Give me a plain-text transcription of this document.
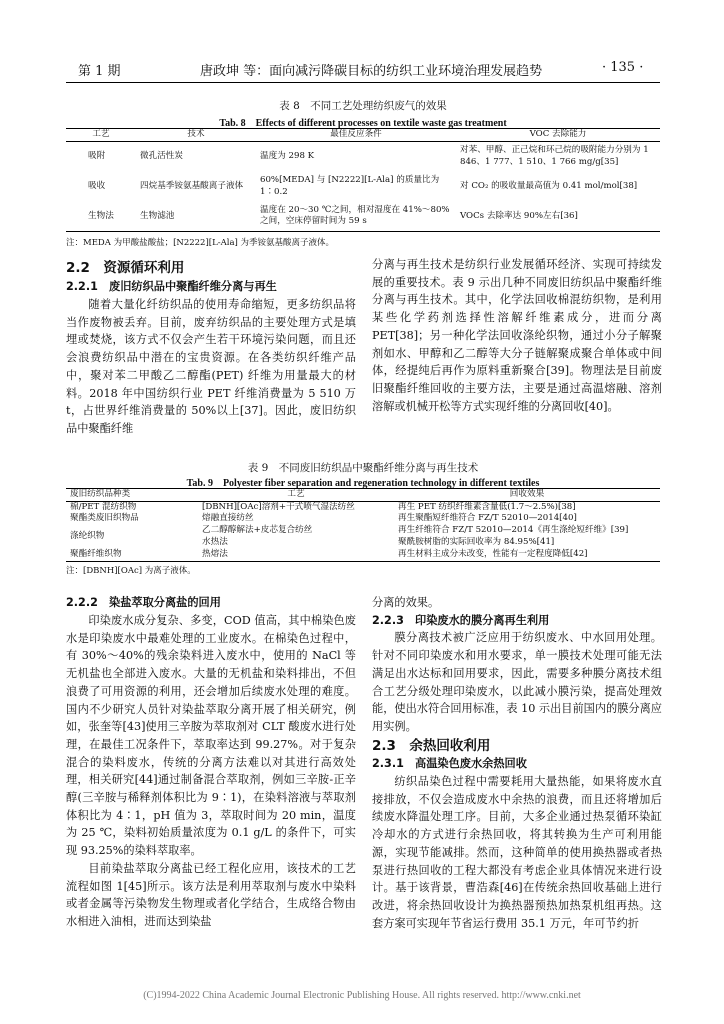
第 1 期	唐政坤 等：面向减污降碳目标的纺织工业环境治理发展趋势	· 135 ·
表 8　不同工艺处理纺织废气的效果
Tab. 8　Effects of different processes on textile waste gas treatment
工艺	技术	最佳反应条件	VOC 去除能力
吸附	微孔活性炭	温度为 298 K	对苯、甲醇、正己烷和环己烷的吸附能力分别为 1 846、1 777、1 510、1 766 mg/g[35]
吸收	四烷基季铵氨基酸离子液体	60%[MEDA] 与 [N2222][L-Ala] 的质量比为 1∶0.2	对 CO₂ 的吸收量最高值为 0.41 mol/mol[38]
生物法	生物滤池	温度在 20～30 ℃之间，相对湿度在 41%～80%之间，空床停留时间为 59 s	VOCs 去除率达 90%左右[36]
注：MEDA 为甲酸盐酸盐；[N2222][L-Ala] 为季铵氨基酸离子液体。
2.2　资源循环利用
2.2.1　废旧纺织品中聚酯纤维分离与再生

随着大量化纤纺织品的使用寿命缩短，更多纺织品将当作废物被丢弃。目前，废弃纺织品的主要处理方式是填埋或焚烧，该方式不仅会产生若干环境污染问题，而且还会浪费纺织品中潜在的宝贵资源。在各类纺织纤维产品中，聚对苯二甲酸乙二醇酯(PET) 纤维为用量最大的材料。2018 年中国纺织行业 PET 纤维消费量为 5 510 万 t，占世界纤维消费量的 50%以上[37]。因此，废旧纺织品中聚酯纤维

分离与再生技术是纺织行业发展循环经济、实现可持续发展的重要技术。表 9 示出几种不同废旧纺织品中聚酯纤维分离与再生技术。其中，化学法回收棉混纺织物，是利用某些化学药剂选择性溶解纤维素成分，进而分离 PET[38]；另一种化学法回收涤纶织物，通过小分子解聚剂如水、甲醇和乙二醇等大分子链解聚成聚合单体或中间体，经提纯后再作为原料重新聚合[39]。物理法是目前废旧聚酯纤维回收的主要方法，主要是通过高温熔融、溶剂溶解或机械开松等方式实现纤维的分离回收[40]。

表 9　不同废旧纺织品中聚酯纤维分离与再生技术
Tab. 9　Polyester fiber separation and regeneration technology in different textiles
废旧纺织品种类	工艺	回收效果
棉/PET 混纺织物	[DBNH][OAc]溶剂+干式喷气湿法纺丝	再生 PET 纺织纤维素含量低(1.7～2.5%)[38]
聚酯类废旧织物品	熔融直接纺丝	再生聚酯短纤维符合 FZ/T 52010—2014[40]
涤纶织物	乙二醇醇解法+皮芯复合纺丝	再生纤维符合 FZ/T 52010—2014《再生涤纶短纤维》[39]
	水热法	聚酰胺树脂的实际回收率为 84.95%[41]
聚酯纤维织物	热熔法	再生材料主成分未改变，性能有一定程度降低[42]
注：[DBNH][OAc] 为离子液体。
2.2.2　染盐萃取分离盐的回用

印染废水成分复杂、多变，COD 值高，其中棉染色废水是印染废水中最难处理的工业废水。在棉染色过程中，有 30%～40%的残余染料进入废水中，使用的 NaCl 等无机盐也全部进入废水。大量的无机盐和染料排出，不但浪费了可用资源的利用，还会增加后续废水处理的难度。国内不少研究人员针对染盐萃取分离开展了相关研究，例如，张奎等[43]使用三辛胺为萃取剂对 CLT 酸废水进行处理，在最佳工况条件下，萃取率达到 99.27%。对于复杂混合的染料废水，传统的分离方法难以对其进行高效处理，相关研究[44]通过制备混合萃取剂，例如三辛胺-正辛醇(三辛胺与稀释剂体积比为 9∶1)，在染料溶液与萃取剂体积比为 4∶1，pH 值为 3，萃取时间为 20 min，温度为 25 ℃，染料初始质量浓度为 0.1 g/L 的条件下，可实现 93.25%的染料萃取率。

目前染盐萃取分离盐已经工程化应用，该技术的工艺流程如图 1[45]所示。该方法是利用萃取剂与废水中染料或者金属等污染物发生物理或者化学结合，生成络合物由水相进入油相，进而达到染盐

分离的效果。

2.2.3　印染废水的膜分离再生利用

膜分离技术被广泛应用于纺织废水、中水回用处理。针对不同印染废水和用水要求，单一膜技术处理可能无法满足出水达标和回用要求，因此，需要多种膜分离技术组合工艺分级处理印染废水，以此减小膜污染，提高处理效能，使出水符合回用标准，表 10 示出目前国内的膜分离应用实例。

2.3　余热回收利用

2.3.1　高温染色废水余热回收

纺织品染色过程中需要耗用大量热能，如果将废水直接排放，不仅会造成废水中余热的浪费，而且还将增加后续废水降温处理工序。目前，大多企业通过热泵循环染缸冷却水的方式进行余热回收，将其转换为生产可利用能源，实现节能减排。然而，这种简单的使用换热器或者热泵进行热回收的工程大都没有考虑企业具体情况来进行设计。基于该背景，曹浩森[46]在传统余热回收基础上进行改进，将余热回收设计为换热器预热加热泵机组再热。这套方案可实现年节省运行费用 35.1 万元，年可节约折

(C)1994-2022 China Academic Journal Electronic Publishing House. All rights reserved. http://www.cnki.net
